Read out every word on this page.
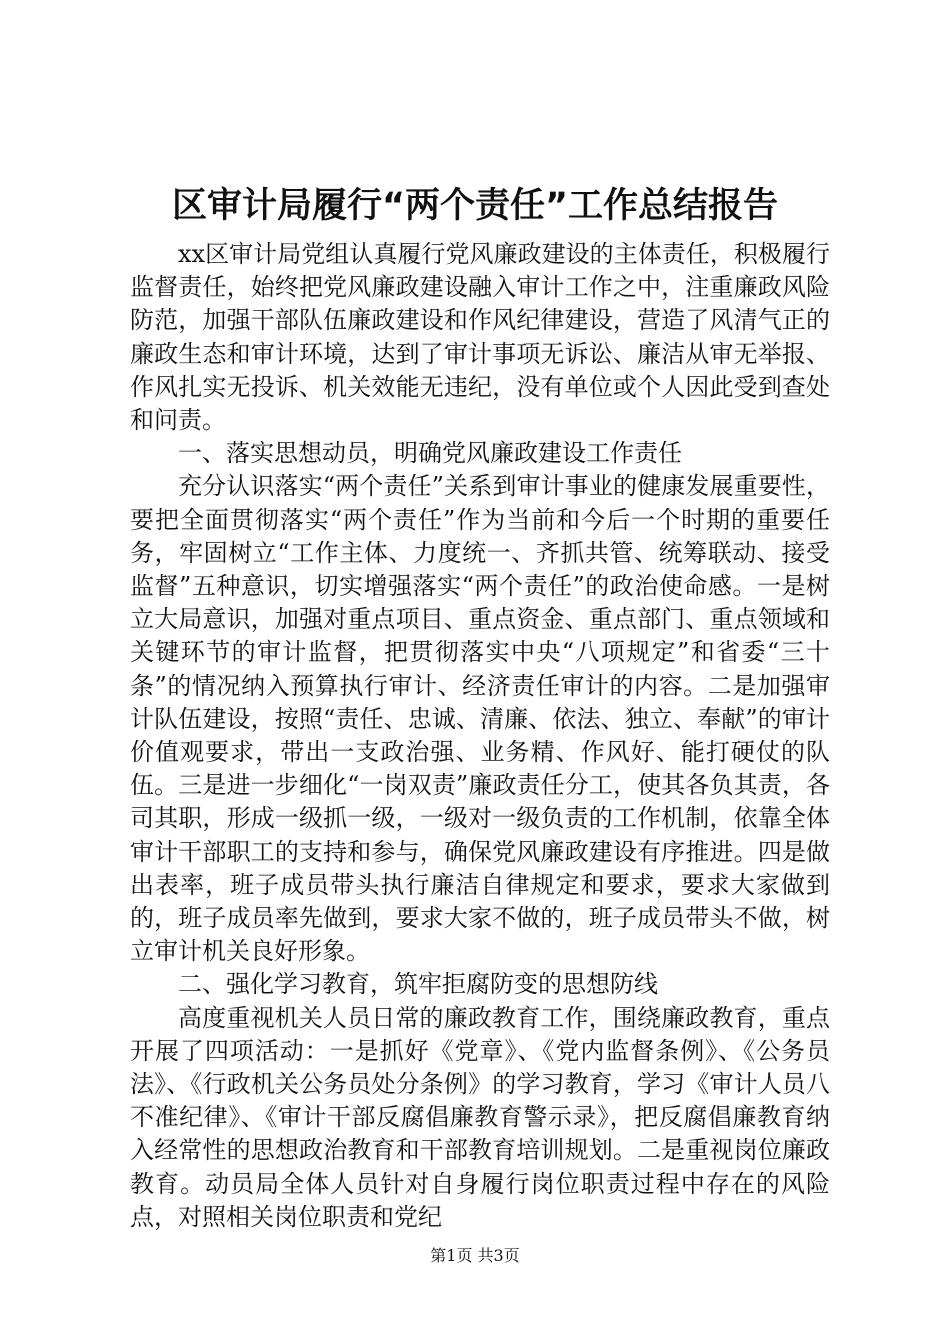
区审计局履行“两个责任”工作总结报告

xx区审计局党组认真履行党风廉政建设的主体责任，积极履行监督责任，始终把党风廉政建设融入审计工作之中，注重廉政风险防范，加强干部队伍廉政建设和作风纪律建设，营造了风清气正的廉政生态和审计环境，达到了审计事项无诉讼、廉洁从审无举报、作风扎实无投诉、机关效能无违纪，没有单位或个人因此受到查处和问责。

一、落实思想动员，明确党风廉政建设工作责任

充分认识落实“两个责任”关系到审计事业的健康发展重要性，要把全面贯彻落实“两个责任”作为当前和今后一个时期的重要任务，牢固树立“工作主体、力度统一、齐抓共管、统筹联动、接受监督”五种意识，切实增强落实“两个责任”的政治使命感。一是树立大局意识，加强对重点项目、重点资金、重点部门、重点领域和关键环节的审计监督，把贯彻落实中央“八项规定”和省委“三十条”的情况纳入预算执行审计、经济责任审计的内容。二是加强审计队伍建设，按照“责任、忠诚、清廉、依法、独立、奉献”的审计价值观要求，带出一支政治强、业务精、作风好、能打硬仗的队伍。三是进一步细化“一岗双责”廉政责任分工，使其各负其责，各司其职，形成一级抓一级，一级对一级负责的工作机制，依靠全体审计干部职工的支持和参与，确保党风廉政建设有序推进。四是做出表率，班子成员带头执行廉洁自律规定和要求，要求大家做到的，班子成员率先做到，要求大家不做的，班子成员带头不做，树立审计机关良好形象。

二、强化学习教育，筑牢拒腐防变的思想防线

高度重视机关人员日常的廉政教育工作，围绕廉政教育，重点开展了四项活动：一是抓好《党章》、《党内监督条例》、《公务员法》、《行政机关公务员处分条例》的学习教育，学习《审计人员八不准纪律》、《审计干部反腐倡廉教育警示录》，把反腐倡廉教育纳入经常性的思想政治教育和干部教育培训规划。二是重视岗位廉政教育。动员局全体人员针对自身履行岗位职责过程中存在的风险点，对照相关岗位职责和党纪

第1页 共3页
